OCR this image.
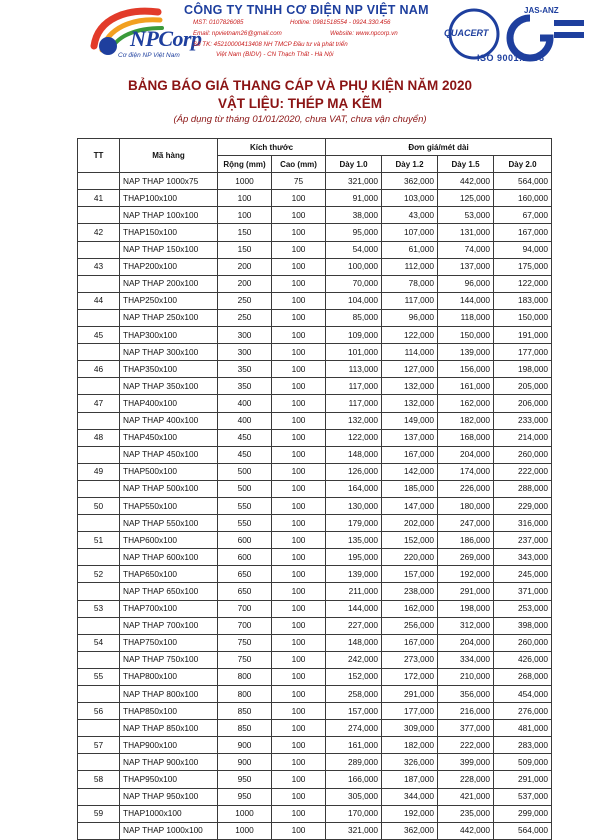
NPCorp
Cơ điện NP Việt Nam
CÔNG TY TNHH CƠ ĐIỆN NP VIỆT NAM
MST: 0107826085	Hotline: 0981518554 - 0924.330.456
Email: npvietnam26@gmail.com	Website: www.npcorp.vn
Số TK: 45210000413408 NH TMCP Đầu tư và phát triển
Việt Nam (BIDV) - CN Thạch Thất - Hà Nội
JAS-ANZ
QUACERT
ISO 9001:2008
BẢNG BÁO GIÁ THANG CÁP VÀ PHỤ KIỆN NĂM 2020
VẬT LIỆU: THÉP MẠ KẼM
(Áp dụng từ tháng 01/01/2020, chưa VAT, chưa vận chuyển)
TT	Mã hàng	Kích thước		Đơn giá/mét dài			
		Rộng (mm)	Cao (mm)	Dày 1.0	Dày 1.2	Dày 1.5	Dày 2.0
	NAP THAP 1000x75	1000	75	321,000	362,000	442,000	564,000
41	THAP100x100	100	100	91,000	103,000	125,000	160,000
	NAP THAP 100x100	100	100	38,000	43,000	53,000	67,000
42	THAP150x100	150	100	95,000	107,000	131,000	167,000
	NAP THAP 150x100	150	100	54,000	61,000	74,000	94,000
43	THAP200x100	200	100	100,000	112,000	137,000	175,000
	NAP THAP 200x100	200	100	70,000	78,000	96,000	122,000
44	THAP250x100	250	100	104,000	117,000	144,000	183,000
	NAP THAP 250x100	250	100	85,000	96,000	118,000	150,000
45	THAP300x100	300	100	109,000	122,000	150,000	191,000
	NAP THAP 300x100	300	100	101,000	114,000	139,000	177,000
46	THAP350x100	350	100	113,000	127,000	156,000	198,000
	NAP THAP 350x100	350	100	117,000	132,000	161,000	205,000
47	THAP400x100	400	100	117,000	132,000	162,000	206,000
	NAP THAP 400x100	400	100	132,000	149,000	182,000	233,000
48	THAP450x100	450	100	122,000	137,000	168,000	214,000
	NAP THAP 450x100	450	100	148,000	167,000	204,000	260,000
49	THAP500x100	500	100	126,000	142,000	174,000	222,000
	NAP THAP 500x100	500	100	164,000	185,000	226,000	288,000
50	THAP550x100	550	100	130,000	147,000	180,000	229,000
	NAP THAP 550x100	550	100	179,000	202,000	247,000	316,000
51	THAP600x100	600	100	135,000	152,000	186,000	237,000
	NAP THAP 600x100	600	100	195,000	220,000	269,000	343,000
52	THAP650x100	650	100	139,000	157,000	192,000	245,000
	NAP THAP 650x100	650	100	211,000	238,000	291,000	371,000
53	THAP700x100	700	100	144,000	162,000	198,000	253,000
	NAP THAP 700x100	700	100	227,000	256,000	312,000	398,000
54	THAP750x100	750	100	148,000	167,000	204,000	260,000
	NAP THAP 750x100	750	100	242,000	273,000	334,000	426,000
55	THAP800x100	800	100	152,000	172,000	210,000	268,000
	NAP THAP 800x100	800	100	258,000	291,000	356,000	454,000
56	THAP850x100	850	100	157,000	177,000	216,000	276,000
	NAP THAP 850x100	850	100	274,000	309,000	377,000	481,000
57	THAP900x100	900	100	161,000	182,000	222,000	283,000
	NAP THAP 900x100	900	100	289,000	326,000	399,000	509,000
58	THAP950x100	950	100	166,000	187,000	228,000	291,000
	NAP THAP 950x100	950	100	305,000	344,000	421,000	537,000
59	THAP1000x100	1000	100	170,000	192,000	235,000	299,000
	NAP THAP 1000x100	1000	100	321,000	362,000	442,000	564,000
